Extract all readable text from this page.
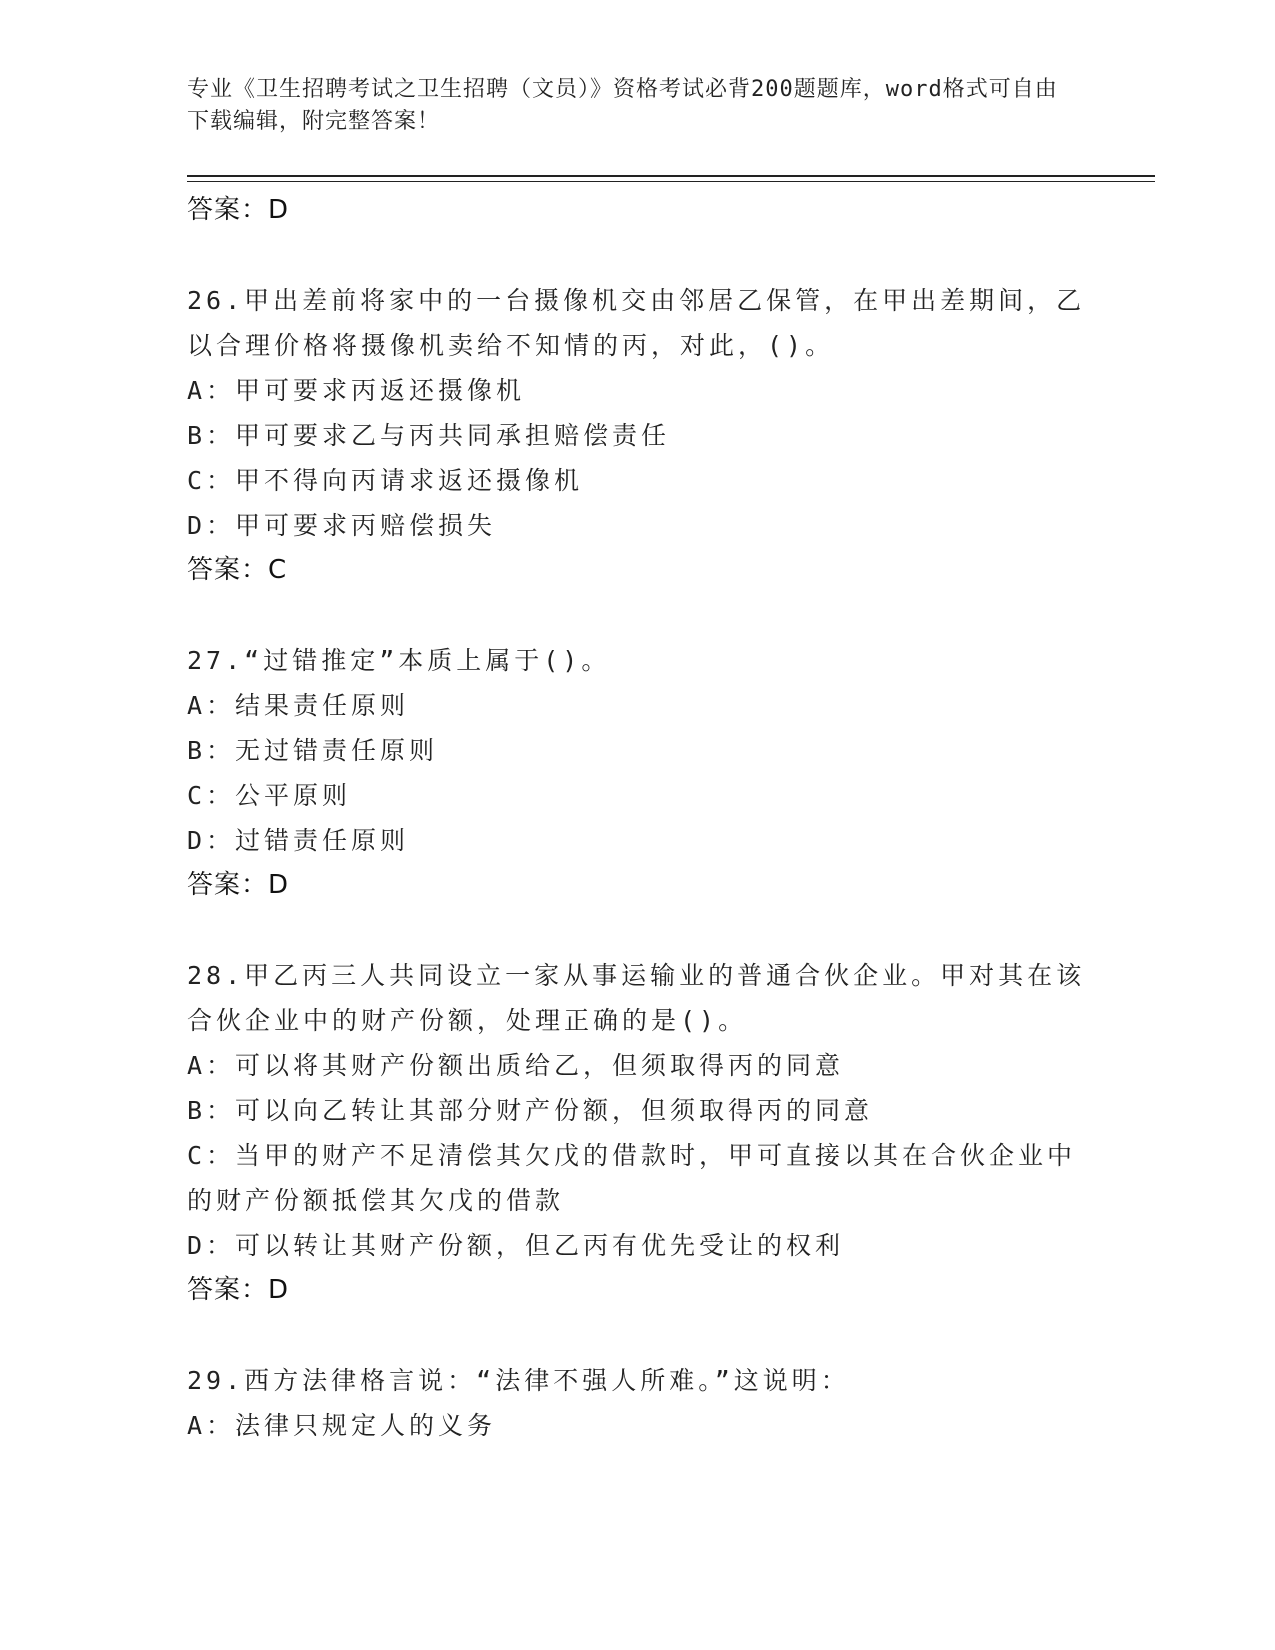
专业《卫生招聘考试之卫生招聘（文员）》资格考试必背200题题库，word格式可自由下载编辑，附完整答案！
答案：D
26.甲出差前将家中的一台摄像机交由邻居乙保管，在甲出差期间，乙以合理价格将摄像机卖给不知情的丙，对此，()。
A：甲可要求丙返还摄像机
B：甲可要求乙与丙共同承担赔偿责任
C：甲不得向丙请求返还摄像机
D：甲可要求丙赔偿损失
答案：C
27.“过错推定”本质上属于()。
A：结果责任原则
B：无过错责任原则
C：公平原则
D：过错责任原则
答案：D
28.甲乙丙三人共同设立一家从事运输业的普通合伙企业。甲对其在该合伙企业中的财产份额，处理正确的是()。
A：可以将其财产份额出质给乙，但须取得丙的同意
B：可以向乙转让其部分财产份额，但须取得丙的同意
C：当甲的财产不足清偿其欠戊的借款时，甲可直接以其在合伙企业中的财产份额抵偿其欠戊的借款
D：可以转让其财产份额，但乙丙有优先受让的权利
答案：D
29.西方法律格言说：“法律不强人所难。”这说明：
A：法律只规定人的义务
